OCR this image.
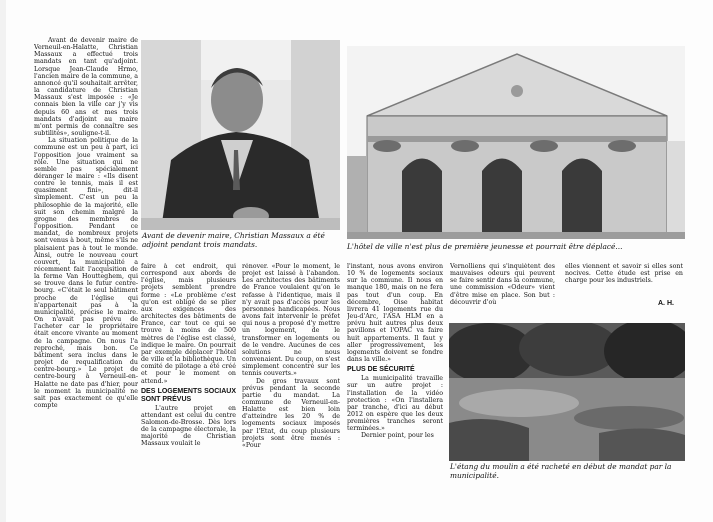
Avant de devenir maire de Verneuil-en-Halatte, Christian Massaux a effectué trois mandats en tant qu'adjoint. Lorsque Jean-Claude Hrmo, l'ancien maire de la commune, a annoncé qu'il souhaitait arrêter, la candidature de Christian Massaux s'est imposée : «Je connais bien la ville car j'y vis depuis 60 ans et mes trois mandats d'adjoint au maire m'ont permis de connaître ses subtilités», souligne-t-il.

La situation politique de la commune est un peu à part, ici l'opposition joue vraiment sa rôle. Une situation qui ne semble pas spécialement déranger le maire : «Ils disent contre le tennis, mais il est quasiment fini», dit-il simplement. C'est un peu la philosophie de la majorité, elle suit son chemin malgré la grogne des membres de l'opposition. Pendant ce mandat, de nombreux projets sont venus à bout, même s'ils ne plaisaient pas à tout le monde. Ainsi, outre le nouveau court couvert, la municipalité a récemment fait l'acquisition de la ferme Van Houtteghem, qui se trouve dans le futur centre-bourg. «C'était le seul bâtiment proche de l'église qui n'appartenait pas à la municipalité, précise le maire. On n'avait pas prévu de l'acheter car le propriétaire était encore vivante au moment de la campagne. On nous l'a reproché, mais bon. Ce bâtiment sera inclus dans le projet de requalification du centre-bourg.» Le projet de centre-bourg à Verneuil-en-Halatte ne date pas d'hier, pour le moment la municipalité ne sait pas exactement ce qu'elle compte

Avant de devenir maire, Christian Massaux a été adjoint pendant trois mandats.	L'hôtel de ville n'est plus de première jeunesse et pourrait être déplacé...

faire à cet endroit, qui correspond aux abords de l'église, mais plusieurs projets semblent prendre forme : «Le problème c'est qu'on est obligé de se plier aux exigences des architectes des bâtiments de France, car tout ce qui se trouve à moins de 500 mètres de l'église est classé, indique le maire. On pourrait par exemple déplacer l'hôtel de ville et la bibliothèque. Un comité de pilotage a été créé et pour le moment on attend.»

DES LOGEMENTS SOCIAUX SONT PRÉVUS

L'autre projet en attendant est celui du centre Salomon-de-Brosse. Dès lors de la campagne électorale, la majorité de Christian Massaux voulait le

rénover. «Pour le moment, le projet est laissé à l'abandon. Les architectes des bâtiments de France voulaient qu'on le refasse à l'identique, mais il n'y avait pas d'accès pour les personnes handicapées. Nous avons fait intervenir le préfet qui nous a proposé d'y mettre un logement, de le transformer en logements ou de le vendre. Aucunes de ces solutions ne nous convenaient. Du coup, on s'est simplement concentré sur les tennis couverts.»

De gros travaux sont prévus pendant la seconde partie du mandat. La commune de Verneuil-en-Halatte est bien loin d'atteindre les 20 % de logements sociaux imposés par l'Etat, du coup plusieurs projets sont être menés : «Pour

l'instant, nous avons environ 10 % de logements sociaux sur la commune. Il nous en manque 180, mais on ne fera pas tout d'un coup. En décembre, Oise habitat livrera 41 logements rue du Jeu-d'Arc, l'ASA HLM en a prévu huit autres plus deux pavillons et l'OPAC va faire huit appartements. Il faut y aller progressivement, les logements doivent se fondre dans la ville.»

PLUS DE SÉCURITÉ

La municipalité travaille sur un autre projet : l'installation de la vidéo protection : «On l'installera par tranche, d'ici au début 2012 on espère que les deux premières tranches seront terminées.»

Dernier point, pour les

Vernolliens qui s'inquiètent des mauvaises odeurs qui peuvent se faire sentir dans la commune, une commission «Odeur» vient d'être mise en place. Son but : découvrir d'où

elles viennent et savoir si elles sont nocives. Cette étude est prise en charge pour les industriels.

A. H.
L'étang du moulin a été racheté en début de mandat par la municipalité.
